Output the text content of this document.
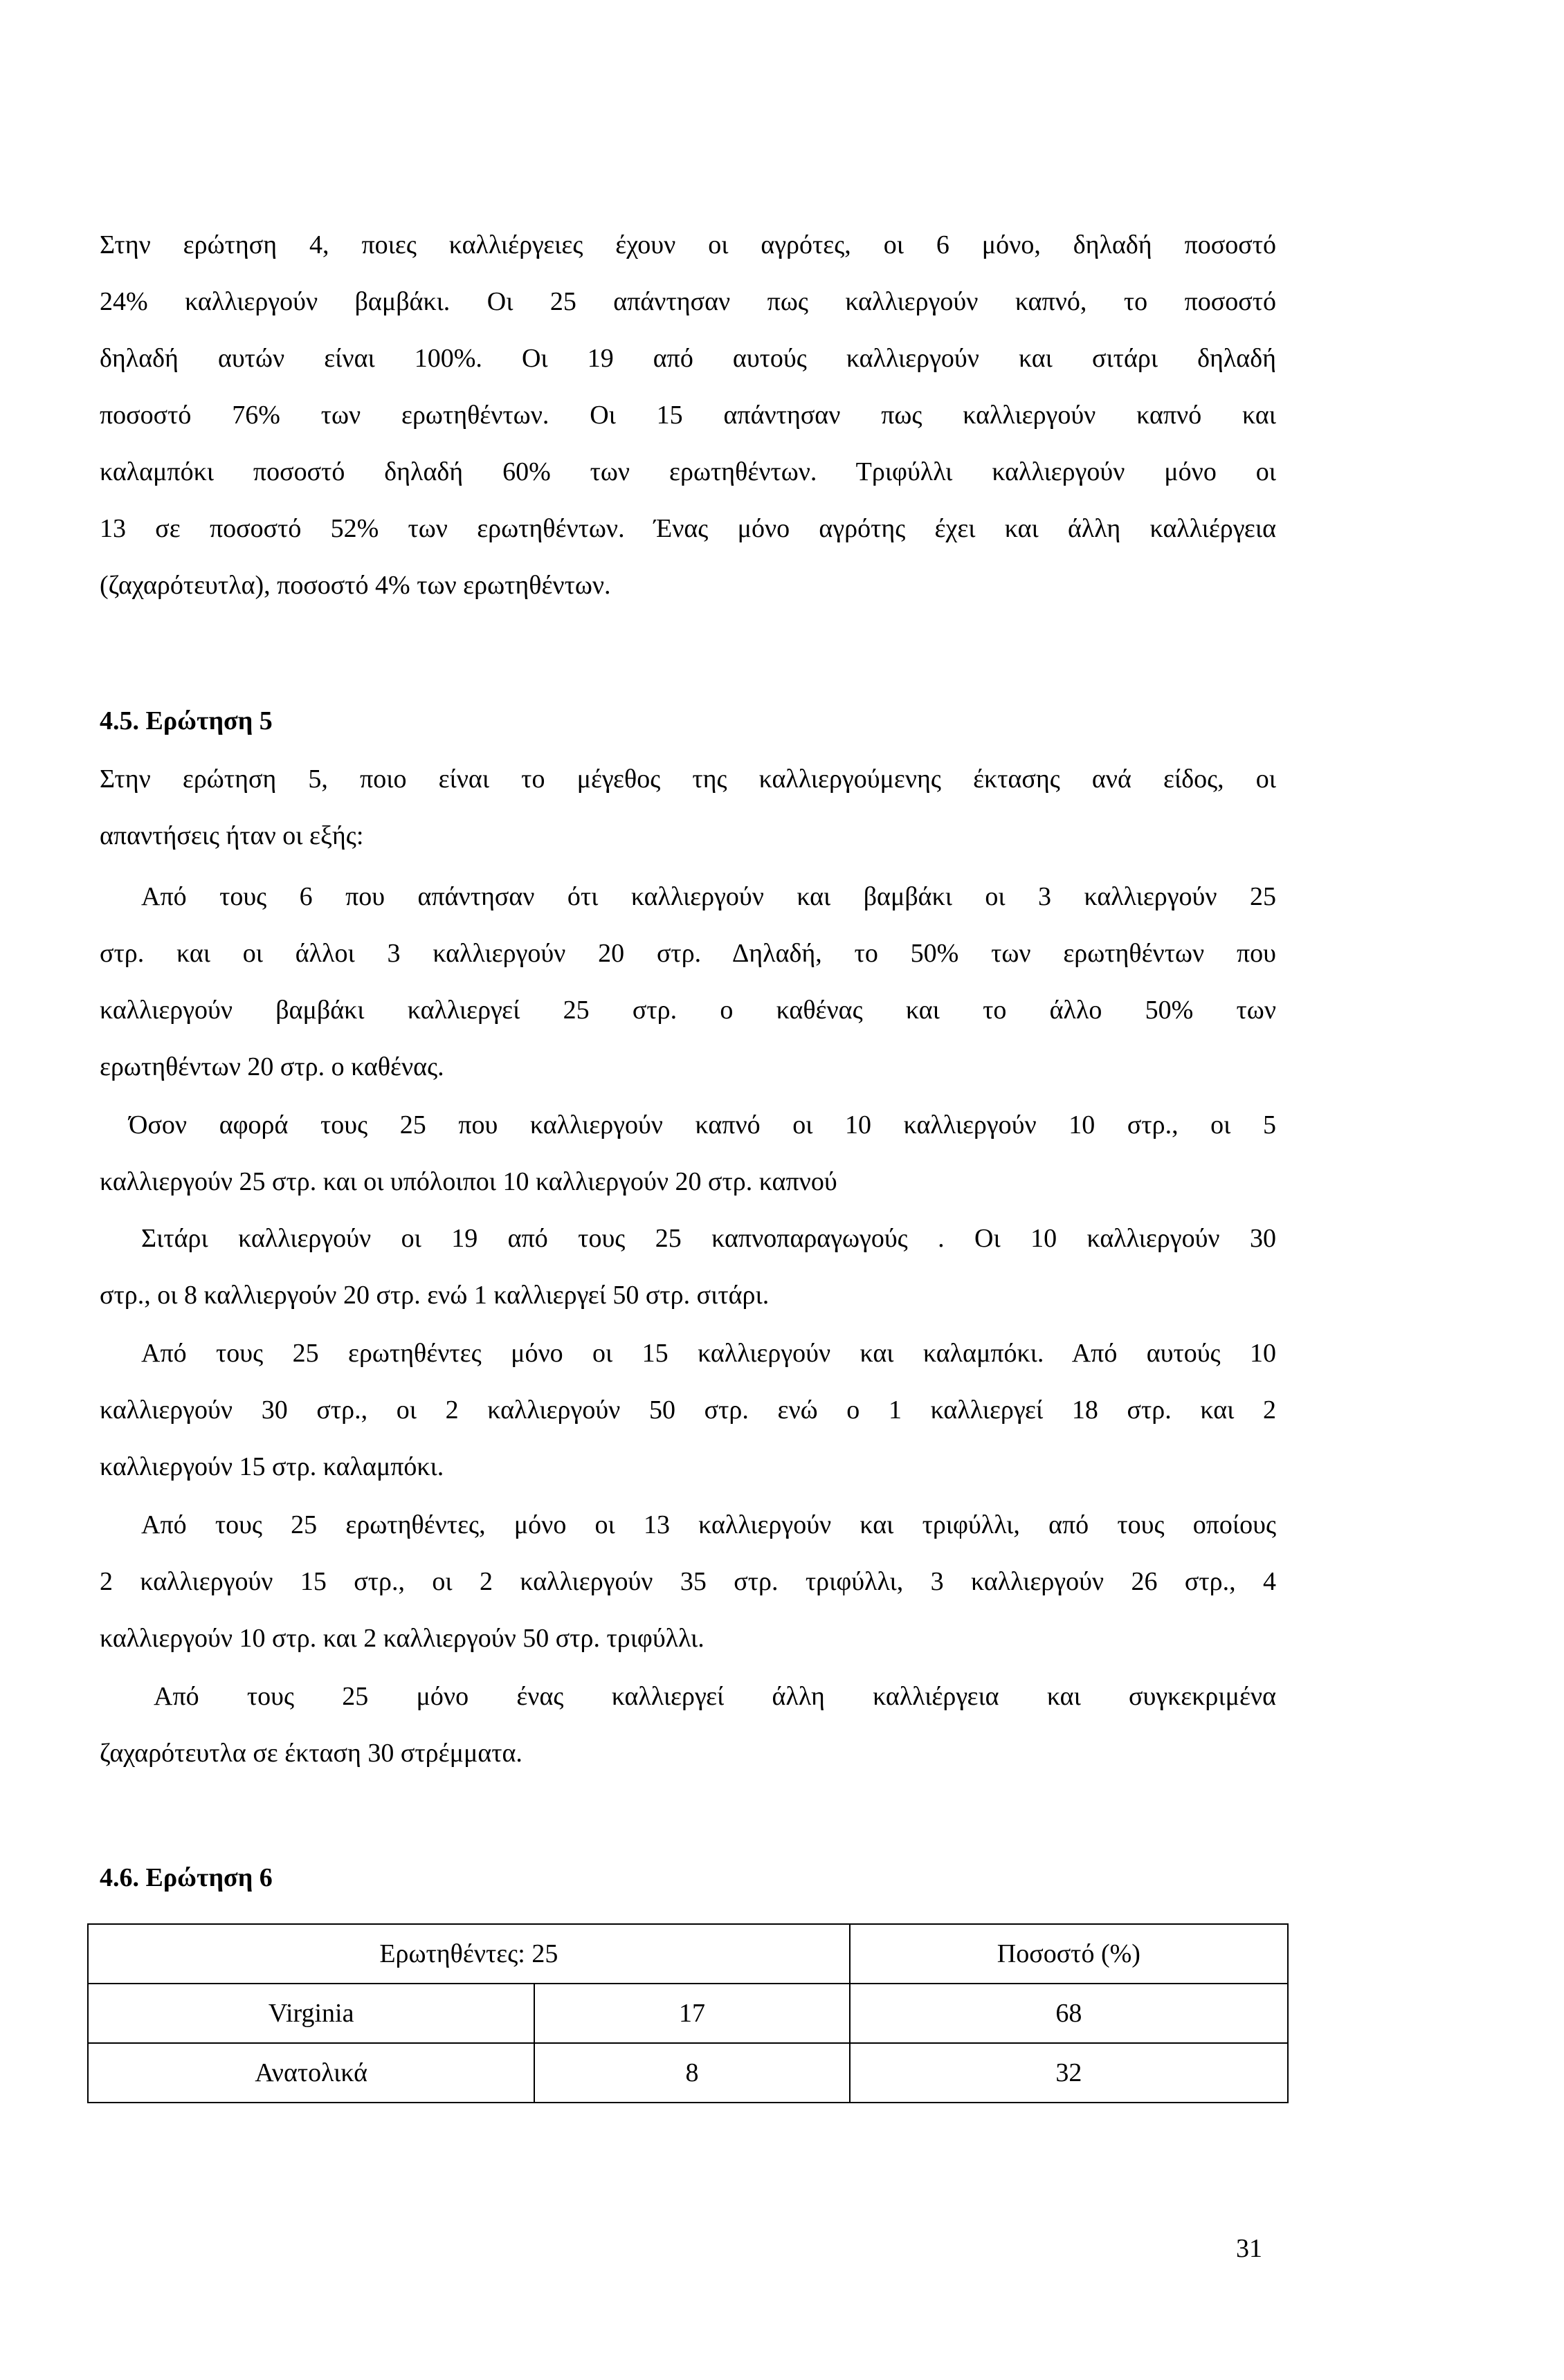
Στην ερώτηση 4, ποιες καλλιέργειες έχουν οι αγρότες, οι 6 μόνο, δηλαδή ποσοστό
24% καλλιεργούν βαμβάκι. Οι 25 απάντησαν πως καλλιεργούν καπνό, το ποσοστό
δηλαδή αυτών είναι 100%. Οι 19 από αυτούς καλλιεργούν και σιτάρι δηλαδή
ποσοστό 76% των ερωτηθέντων. Οι 15 απάντησαν πως καλλιεργούν καπνό και
καλαμπόκι ποσοστό δηλαδή 60% των ερωτηθέντων. Τριφύλλι καλλιεργούν μόνο οι
13 σε ποσοστό 52% των ερωτηθέντων. Ένας μόνο αγρότης έχει και άλλη καλλιέργεια
(ζαχαρότευτλα), ποσοστό 4% των ερωτηθέντων.
4.5. Ερώτηση 5
Στην ερώτηση 5, ποιο είναι το μέγεθος της καλλιεργούμενης έκτασης ανά είδος, οι
απαντήσεις ήταν οι εξής:
Από τους 6 που απάντησαν ότι καλλιεργούν και βαμβάκι οι 3 καλλιεργούν 25
στρ. και οι άλλοι 3 καλλιεργούν 20 στρ. Δηλαδή, το 50% των ερωτηθέντων που
καλλιεργούν βαμβάκι καλλιεργεί 25 στρ. ο καθένας και το άλλο 50% των
ερωτηθέντων 20 στρ. ο καθένας.
Όσον αφορά τους 25 που καλλιεργούν καπνό οι 10 καλλιεργούν 10 στρ., οι 5
καλλιεργούν 25 στρ. και οι υπόλοιποι 10 καλλιεργούν 20 στρ. καπνού
Σιτάρι καλλιεργούν οι 19 από τους 25 καπνοπαραγωγούς . Οι 10 καλλιεργούν 30
στρ., οι 8 καλλιεργούν 20 στρ. ενώ 1 καλλιεργεί 50 στρ. σιτάρι.
Από τους 25 ερωτηθέντες μόνο οι 15 καλλιεργούν και καλαμπόκι. Από αυτούς 10
καλλιεργούν 30 στρ., οι 2 καλλιεργούν 50 στρ. ενώ ο 1 καλλιεργεί 18 στρ. και 2
καλλιεργούν 15 στρ. καλαμπόκι.
Από τους 25 ερωτηθέντες, μόνο οι 13 καλλιεργούν και τριφύλλι, από τους οποίους
2 καλλιεργούν 15 στρ., οι 2 καλλιεργούν 35 στρ. τριφύλλι, 3 καλλιεργούν 26 στρ., 4
καλλιεργούν 10 στρ. και 2 καλλιεργούν 50 στρ. τριφύλλι.
Από τους 25 μόνο ένας καλλιεργεί άλλη καλλιέργεια και συγκεκριμένα
ζαχαρότευτλα σε έκταση 30 στρέμματα.
4.6. Ερώτηση 6
Ερωτηθέντες: 25		Ποσοστό (%)
Virginia	17	68
Ανατολικά	8	32
31
